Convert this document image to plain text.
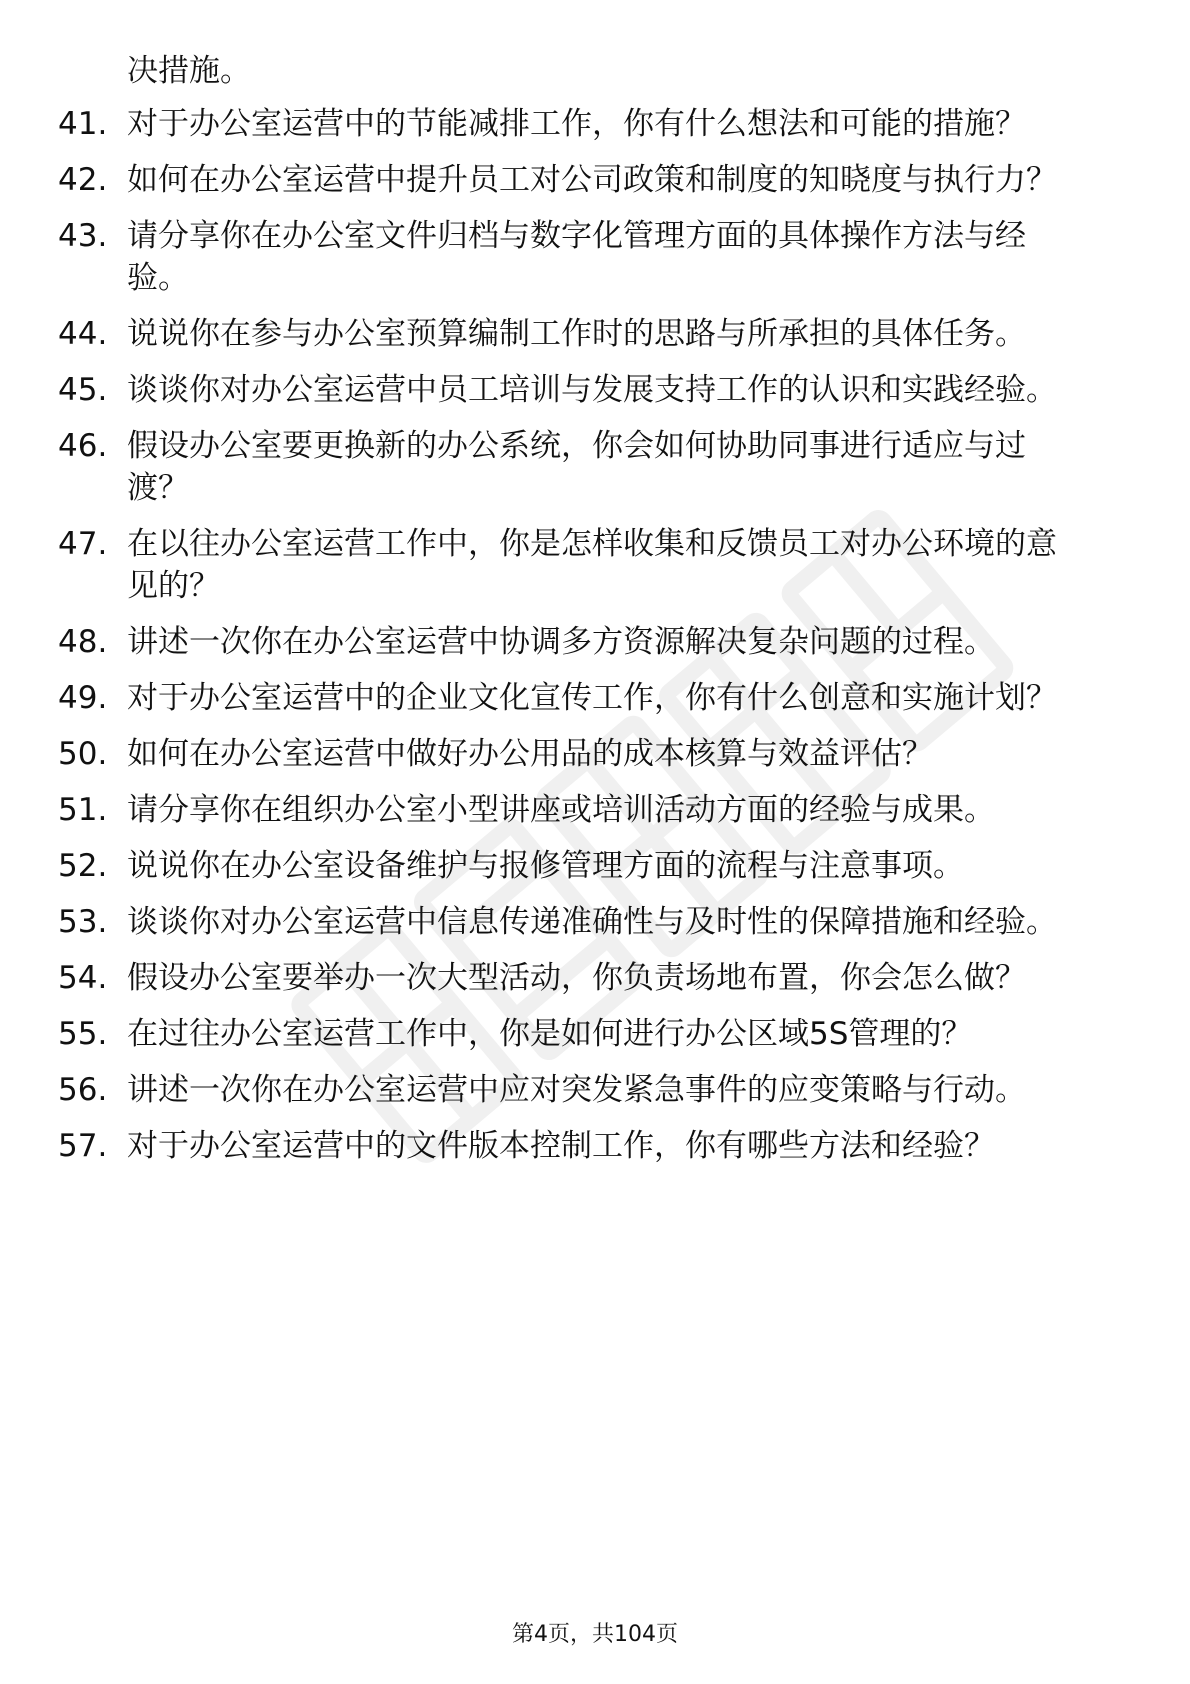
决措施。
41. 对于办公室运营中的节能减排工作，你有什么想法和可能的措施？
42. 如何在办公室运营中提升员工对公司政策和制度的知晓度与执行力？
43. 请分享你在办公室文件归档与数字化管理方面的具体操作方法与经验。
44. 说说你在参与办公室预算编制工作时的思路与所承担的具体任务。
45. 谈谈你对办公室运营中员工培训与发展支持工作的认识和实践经验。
46. 假设办公室要更换新的办公系统，你会如何协助同事进行适应与过渡？
47. 在以往办公室运营工作中，你是怎样收集和反馈员工对办公环境的意见的？
48. 讲述一次你在办公室运营中协调多方资源解决复杂问题的过程。
49. 对于办公室运营中的企业文化宣传工作，你有什么创意和实施计划？
50. 如何在办公室运营中做好办公用品的成本核算与效益评估？
51. 请分享你在组织办公室小型讲座或培训活动方面的经验与成果。
52. 说说你在办公室设备维护与报修管理方面的流程与注意事项。
53. 谈谈你对办公室运营中信息传递准确性与及时性的保障措施和经验。
54. 假设办公室要举办一次大型活动，你负责场地布置，你会怎么做？
55. 在过往办公室运营工作中，你是如何进行办公区域5S管理的？
56. 讲述一次你在办公室运营中应对突发紧急事件的应变策略与行动。
57. 对于办公室运营中的文件版本控制工作，你有哪些方法和经验？
第4页，共104页
